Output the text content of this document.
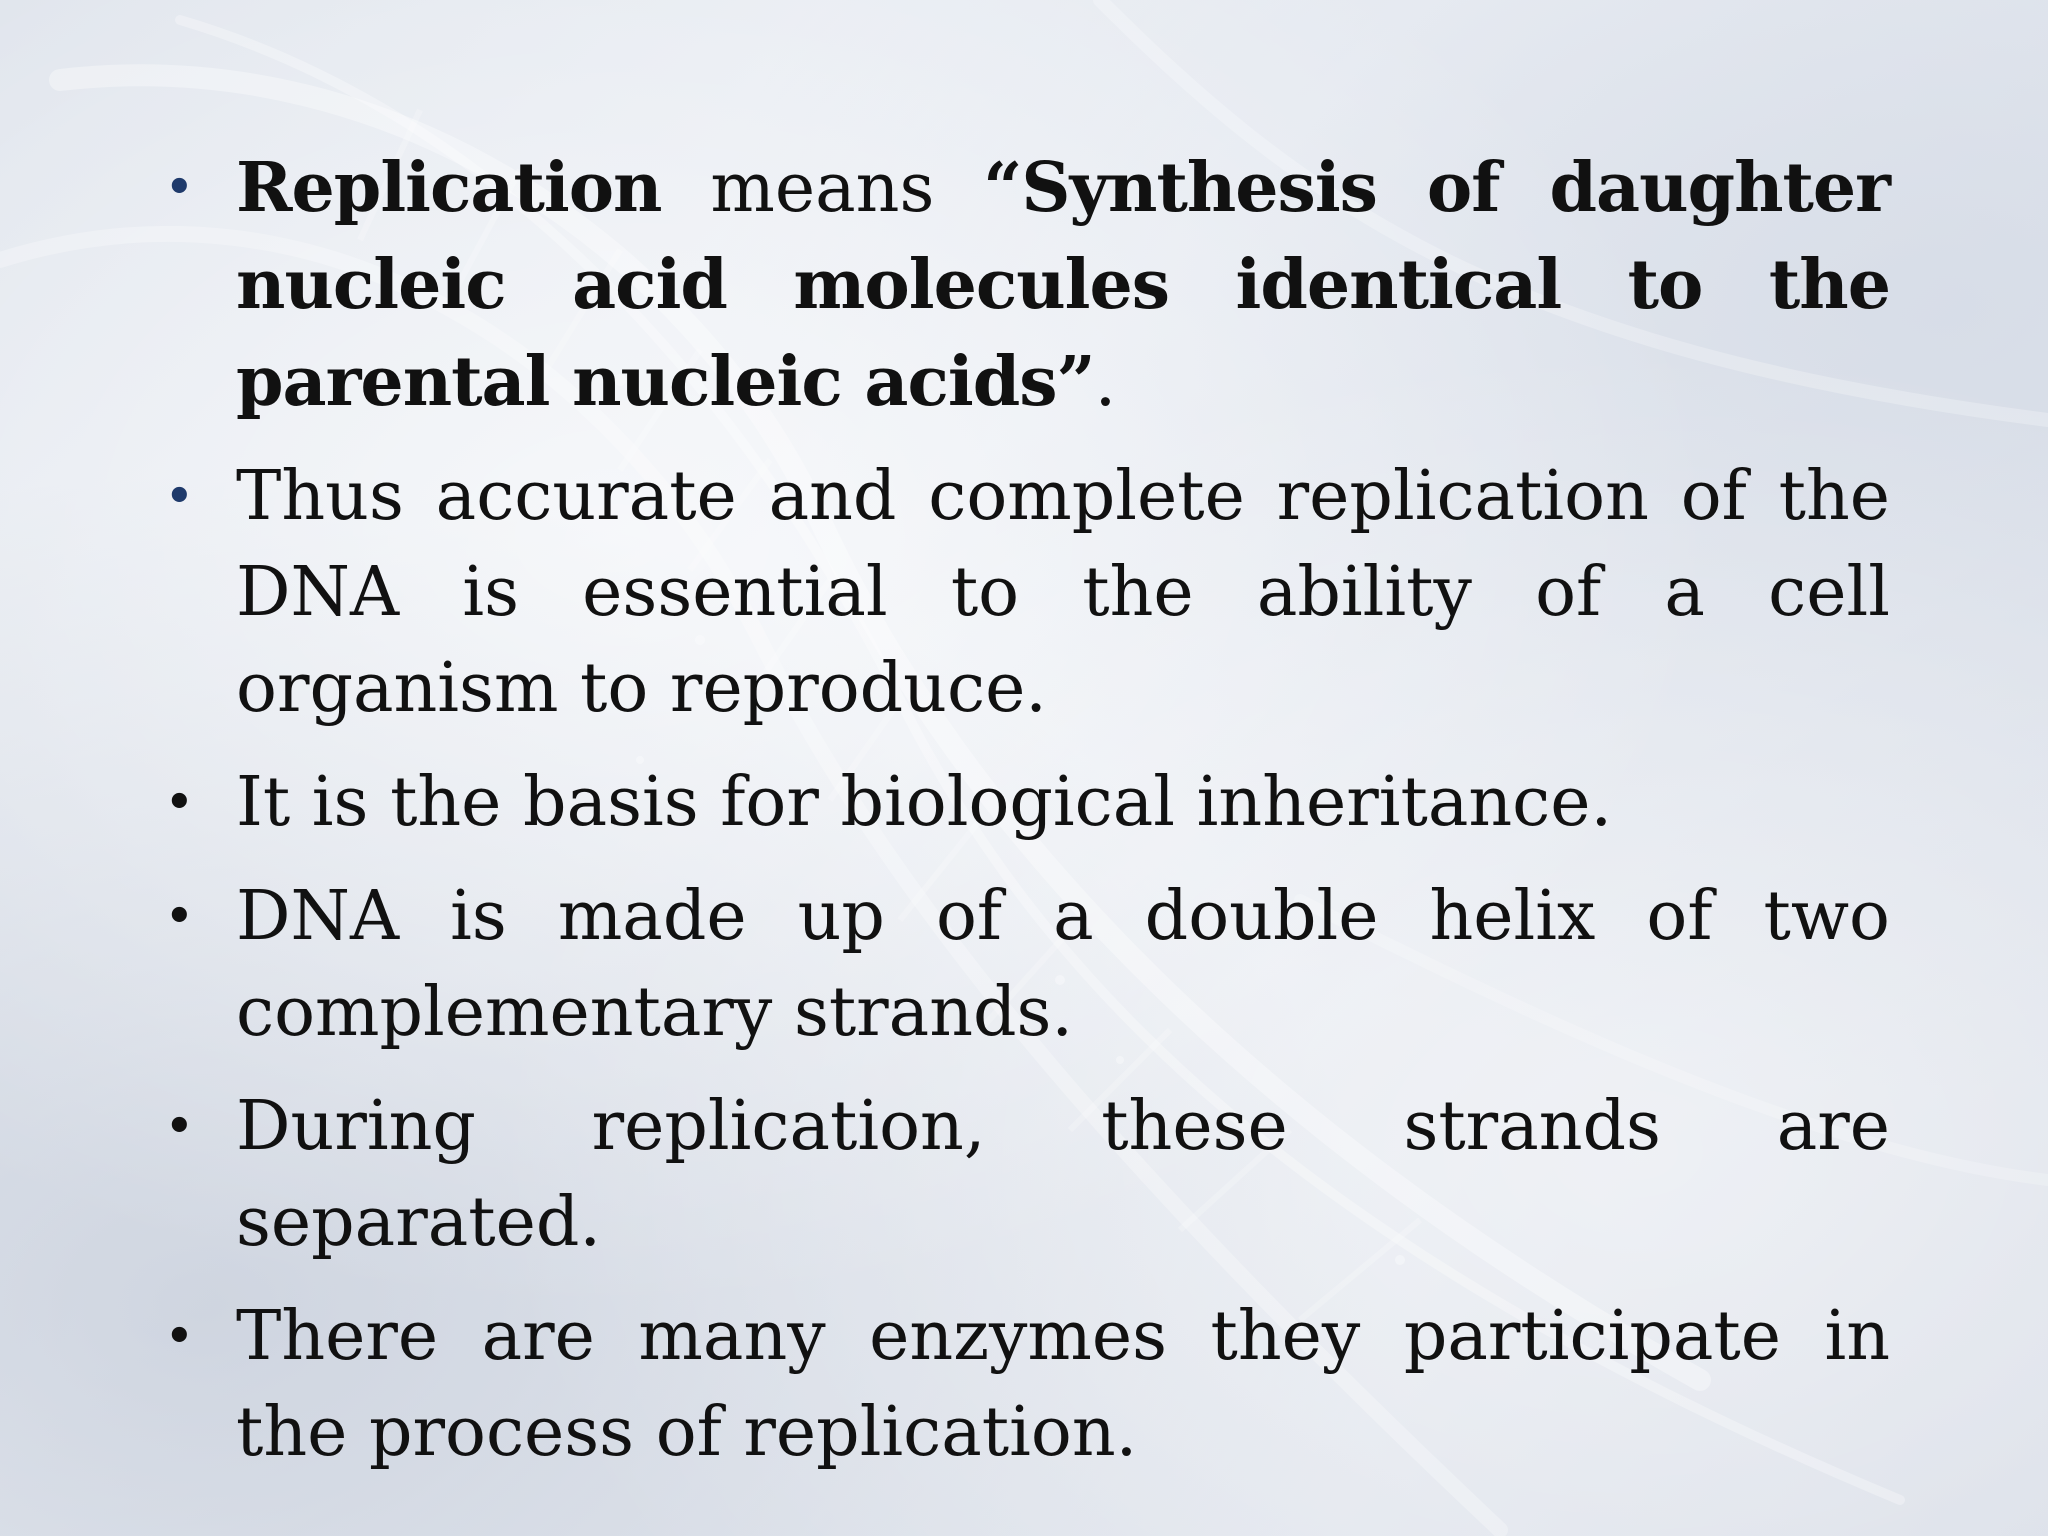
• Replication means “Synthesis of daughter nucleic acid molecules identical to the parental nucleic acids”.
• Thus accurate and complete replication of the DNA is essential to the ability of a cell organism to reproduce.
• It is the basis for biological inheritance.
• DNA is made up of a double helix of two complementary strands.
• During replication, these strands are separated.
• There are many enzymes they participate in the process of replication.
